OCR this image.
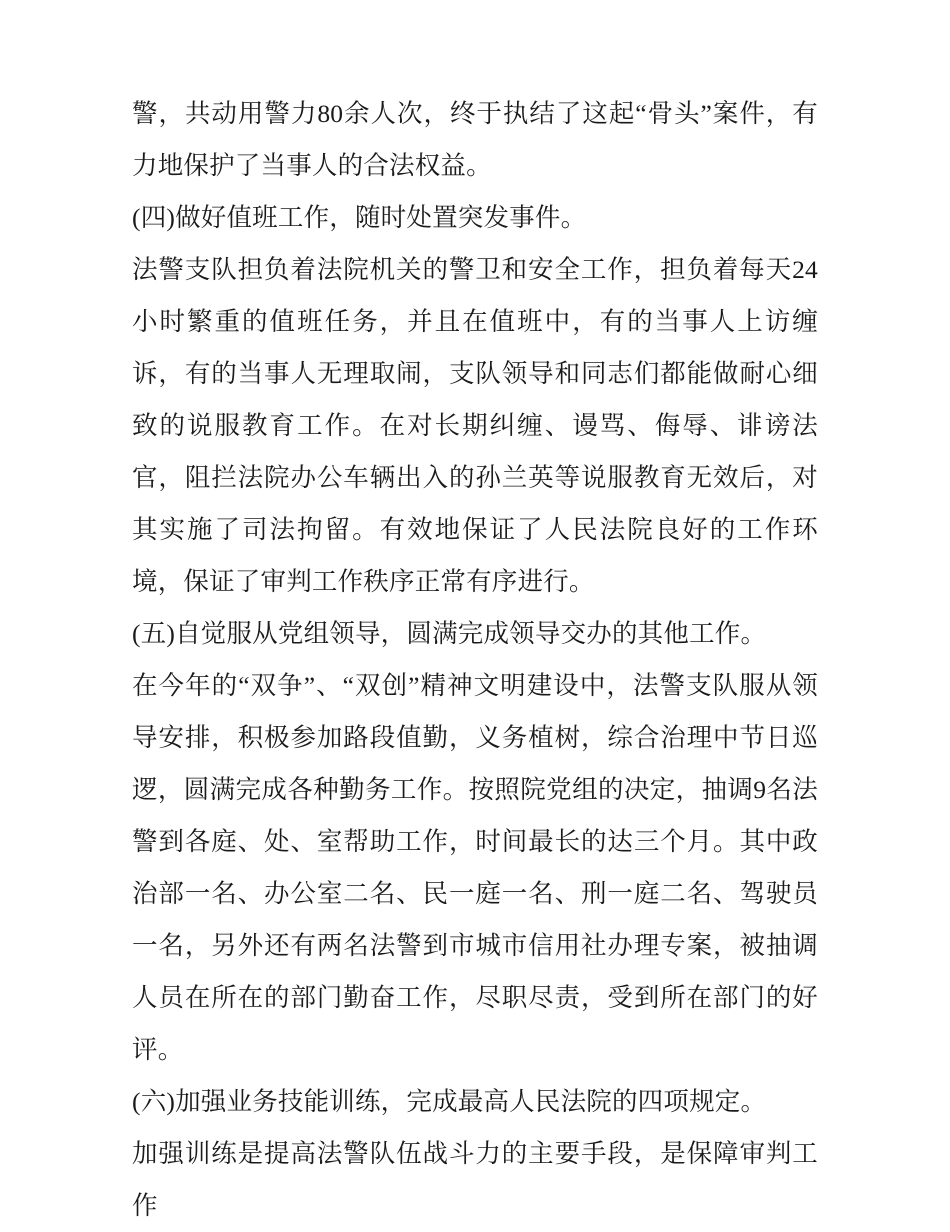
警，共动用警力80余人次，终于执结了这起“骨头”案件，有力地保护了当事人的合法权益。

(四)做好值班工作，随时处置突发事件。

法警支队担负着法院机关的警卫和安全工作，担负着每天24小时繁重的值班任务，并且在值班中，有的当事人上访缠诉，有的当事人无理取闹，支队领导和同志们都能做耐心细致的说服教育工作。在对长期纠缠、谩骂、侮辱、诽谤法官，阻拦法院办公车辆出入的孙兰英等说服教育无效后，对其实施了司法拘留。有效地保证了人民法院良好的工作环境，保证了审判工作秩序正常有序进行。

(五)自觉服从党组领导，圆满完成领导交办的其他工作。

在今年的“双争”、“双创”精神文明建设中，法警支队服从领导安排，积极参加路段值勤，义务植树，综合治理中节日巡逻，圆满完成各种勤务工作。按照院党组的决定，抽调9名法警到各庭、处、室帮助工作，时间最长的达三个月。其中政治部一名、办公室二名、民一庭一名、刑一庭二名、驾驶员一名，另外还有两名法警到市城市信用社办理专案，被抽调人员在所在的部门勤奋工作，尽职尽责，受到所在部门的好评。

(六)加强业务技能训练，完成最高人民法院的四项规定。

加强训练是提高法警队伍战斗力的主要手段，是保障审判工作
